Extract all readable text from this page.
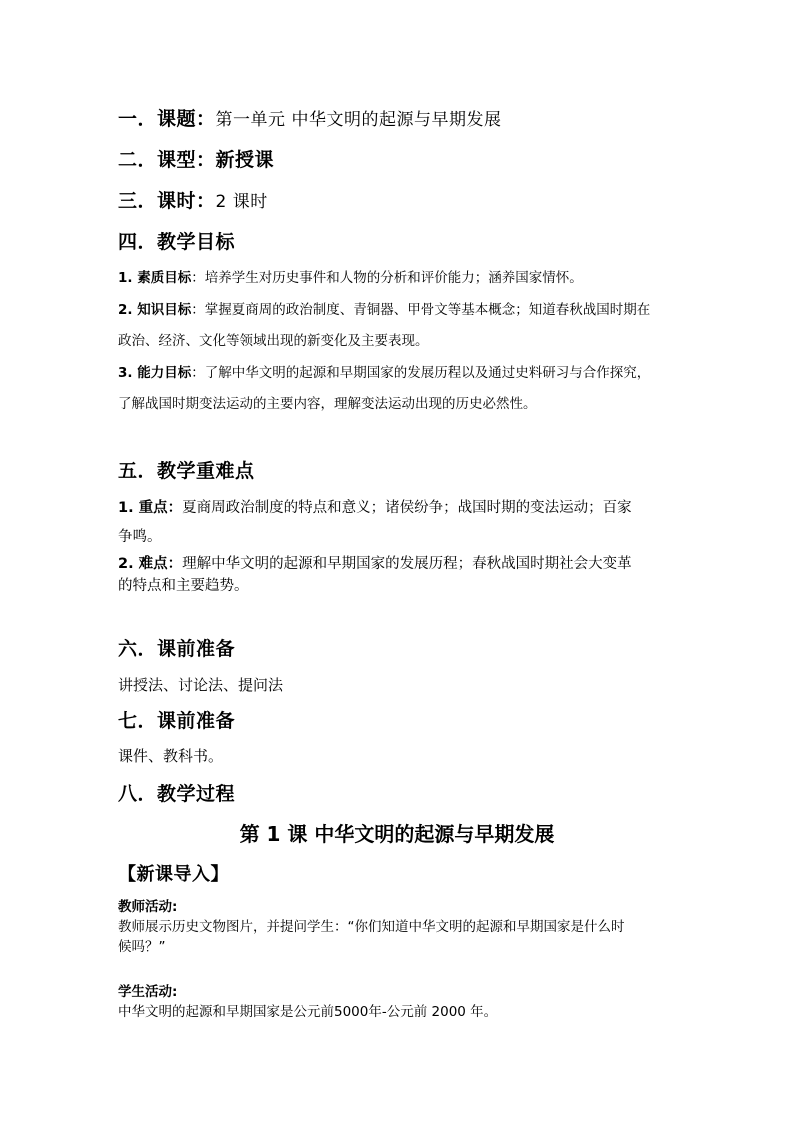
一．课题：第一单元 中华文明的起源与早期发展
二．课型：新授课
三．课时：2 课时
四．教学目标
1. 素质目标：培养学生对历史事件和人物的分析和评价能力；涵养国家情怀。
2. 知识目标：掌握夏商周的政治制度、青铜器、甲骨文等基本概念；知道春秋战国时期在
政治、经济、文化等领域出现的新变化及主要表现。
3. 能力目标：了解中华文明的起源和早期国家的发展历程以及通过史料研习与合作探究，
了解战国时期变法运动的主要内容，理解变法运动出现的历史必然性。
五．教学重难点
1. 重点：夏商周政治制度的特点和意义；诸侯纷争；战国时期的变法运动；百家
争鸣。
2. 难点：理解中华文明的起源和早期国家的发展历程；春秋战国时期社会大变革
的特点和主要趋势。
六．课前准备
讲授法、讨论法、提问法
七．课前准备
课件、教科书。
八．教学过程
第 1 课 中华文明的起源与早期发展
【新课导入】
教师活动:
教师展示历史文物图片，并提问学生：“你们知道中华文明的起源和早期国家是什么时
候吗？”
学生活动:
中华文明的起源和早期国家是公元前5000年-公元前 2000 年。
